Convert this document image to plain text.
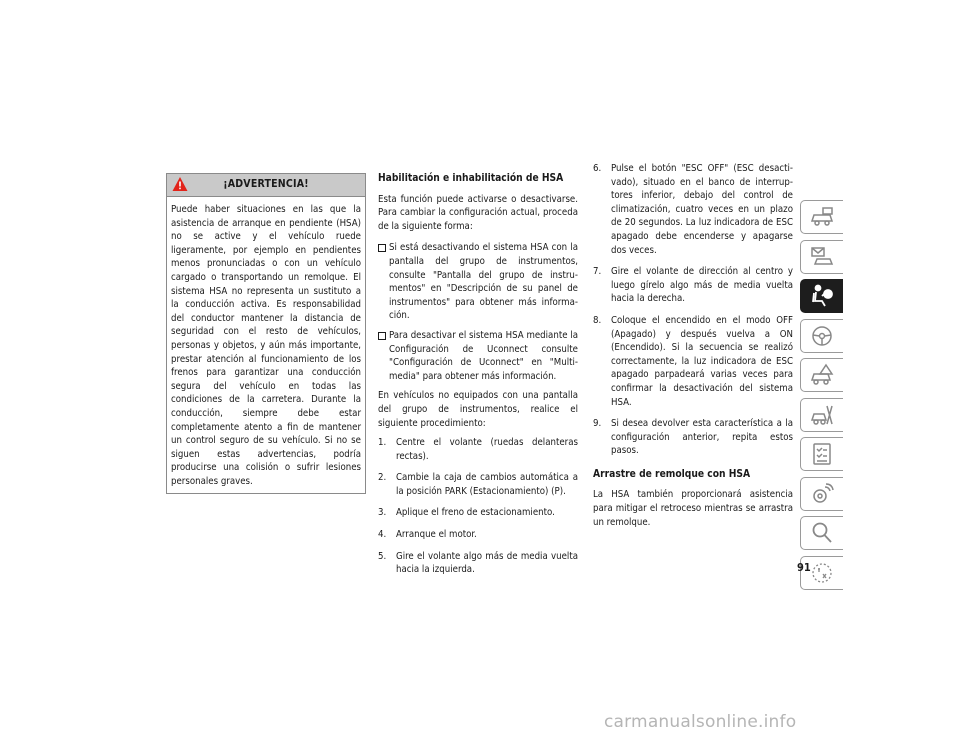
¡ADVERTENCIA!
Puede haber situaciones en las que la asistencia de arranque en pendiente (HSA) no se active y el vehículo ruede ligeramente, por ejemplo en pendientes menos pronunciadas o con un vehículo cargado o transportando un remolque. El sistema HSA no representa un sustituto a la conducción activa. Es responsabilidad del conductor mantener la distancia de seguridad con el resto de vehículos, personas y objetos, y aún más importante, prestar atención al funcionamiento de los frenos para garantizar una conducción segura del vehículo en todas las condiciones de la carretera. Durante la conducción, siempre debe estar completamente atento a fin de mantener un control seguro de su vehículo. Si no se siguen estas advertencias, podría producirse una colisión o sufrir lesiones personales graves.
Habilitación e inhabilitación de HSA

Esta función puede activarse o desactivarse. Para cambiar la configuración actual, proceda de la siguiente forma:

Si está desactivando el sistema HSA con la pantalla del grupo de instrumentos, consulte "Pantalla del grupo de instru-mentos" en "Descripción de su panel de instrumentos" para obtener más informa-ción.
Para desactivar el sistema HSA mediante la Configuración de Uconnect consulte "Configuración de Uconnect" en "Multi-media" para obtener más información.

En vehículos no equipados con una pantalla del grupo de instrumentos, realice el siguiente procedimiento:

1. Centre el volante (ruedas delanteras rectas).
2. Cambie la caja de cambios automática a la posición PARK (Estacionamiento) (P).
3. Aplique el freno de estacionamiento.
4. Arranque el motor.
5. Gire el volante algo más de media vuelta hacia la izquierda.
6. Pulse el botón "ESC OFF" (ESC desacti-vado), situado en el banco de interrup-tores inferior, debajo del control de climatización, cuatro veces en un plazo de 20 segundos. La luz indicadora de ESC apagado debe encenderse y apagarse dos veces.
7. Gire el volante de dirección al centro y luego gírelo algo más de media vuelta hacia la derecha.
8. Coloque el encendido en el modo OFF (Apagado) y después vuelva a ON (Encendido). Si la secuencia se realizó correctamente, la luz indicadora de ESC apagado parpadeará varias veces para confirmar la desactivación del sistema HSA.
9. Si desea devolver esta característica a la configuración anterior, repita estos pasos.
Arrastre de remolque con HSA

La HSA también proporcionará asistencia para mitigar el retroceso mientras se arrastra un remolque.

91
carmanualsonline.info
